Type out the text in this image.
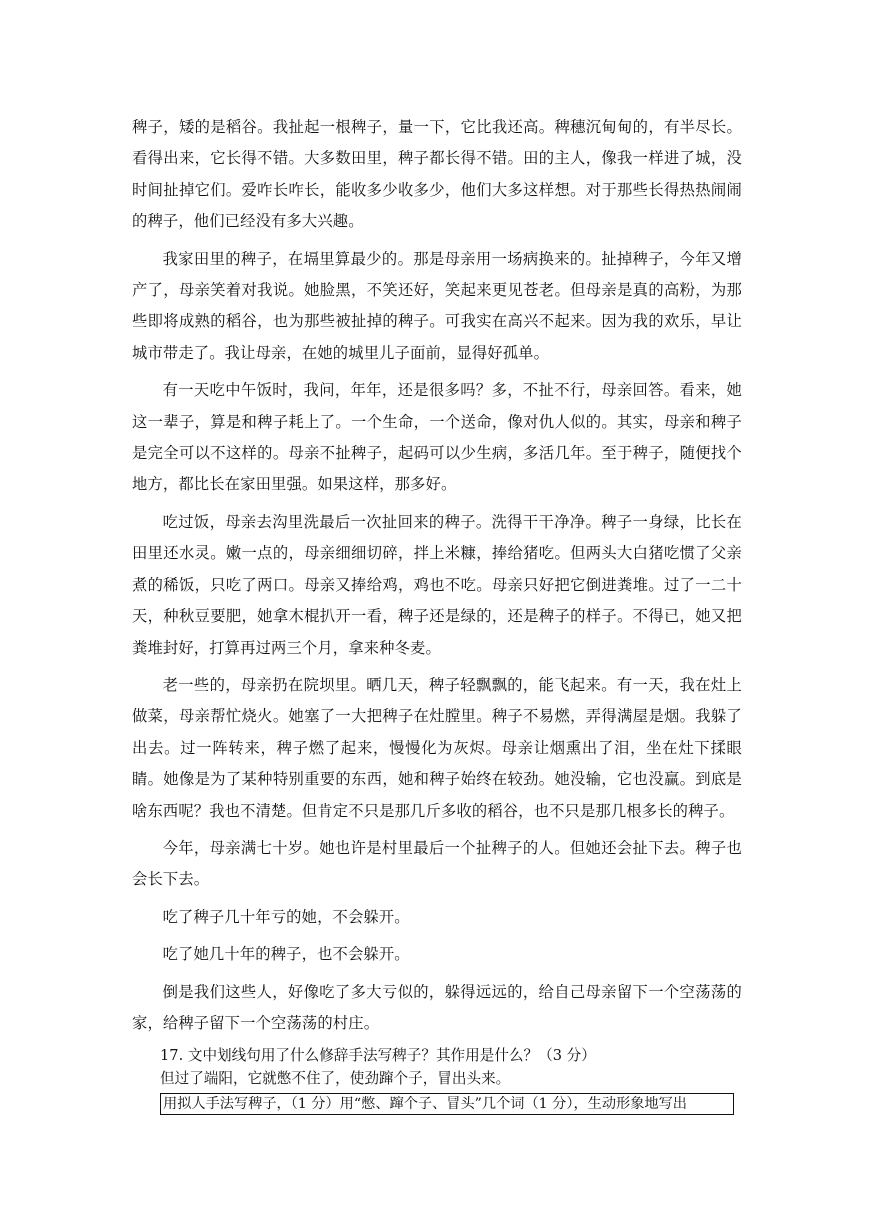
稗子，矮的是稻谷。我扯起一根稗子，量一下，它比我还高。稗穗沉甸甸的，有半尽长。看得出来，它长得不错。大多数田里，稗子都长得不错。田的主人，像我一样进了城，没时间扯掉它们。爱咋长咋长，能收多少收多少，他们大多这样想。对于那些长得热热闹闹的稗子，他们已经没有多大兴趣。

我家田里的稗子，在塥里算最少的。那是母亲用一场病换来的。扯掉稗子，今年又增产了，母亲笑着对我说。她脸黑，不笑还好，笑起来更见苍老。但母亲是真的高粉，为那些即将成熟的稻谷，也为那些被扯掉的稗子。可我实在高兴不起来。因为我的欢乐，早让城市带走了。我让母亲，在她的城里儿子面前，显得好孤单。

有一天吃中午饭时，我问，年年，还是很多吗？多，不扯不行，母亲回答。看来，她这一辈子，算是和稗子耗上了。一个生命，一个送命，像对仇人似的。其实，母亲和稗子是完全可以不这样的。母亲不扯稗子，起码可以少生病，多活几年。至于稗子，随便找个地方，都比长在家田里强。如果这样，那多好。

吃过饭，母亲去沟里洗最后一次扯回来的稗子。洗得干干净净。稗子一身绿，比长在田里还水灵。嫩一点的，母亲细细切碎，拌上米糠，捧给猪吃。但两头大白猪吃惯了父亲煮的稀饭，只吃了两口。母亲又捧给鸡，鸡也不吃。母亲只好把它倒进粪堆。过了一二十天，种秋豆要肥，她拿木棍扒开一看，稗子还是绿的，还是稗子的样子。不得已，她又把粪堆封好，打算再过两三个月，拿来种冬麦。

老一些的，母亲扔在院坝里。晒几天，稗子轻飘飘的，能飞起来。有一天，我在灶上做菜，母亲帮忙烧火。她塞了一大把稗子在灶膛里。稗子不易燃，弄得满屋是烟。我躲了出去。过一阵转来，稗子燃了起来，慢慢化为灰烬。母亲让烟熏出了泪，坐在灶下揉眼睛。她像是为了某种特别重要的东西，她和稗子始终在较劲。她没输，它也没赢。到底是啥东西呢？我也不清楚。但肯定不只是那几斤多收的稻谷，也不只是那几根多长的稗子。

今年，母亲满七十岁。她也许是村里最后一个扯稗子的人。但她还会扯下去。稗子也会长下去。

吃了稗子几十年亏的她，不会躲开。

吃了她几十年的稗子，也不会躲开。

倒是我们这些人，好像吃了多大亏似的，躲得远远的，给自己母亲留下一个空荡荡的家，给稗子留下一个空荡荡的村庄。

17. 文中划线句用了什么修辞手法写稗子？其作用是什么？（3 分）
但过了端阳，它就憋不住了，使劲蹿个子，冒出头来。
用拟人手法写稗子，（1 分）用“憋、蹿个子、冒头”几个词（1 分），生动形象地写出
